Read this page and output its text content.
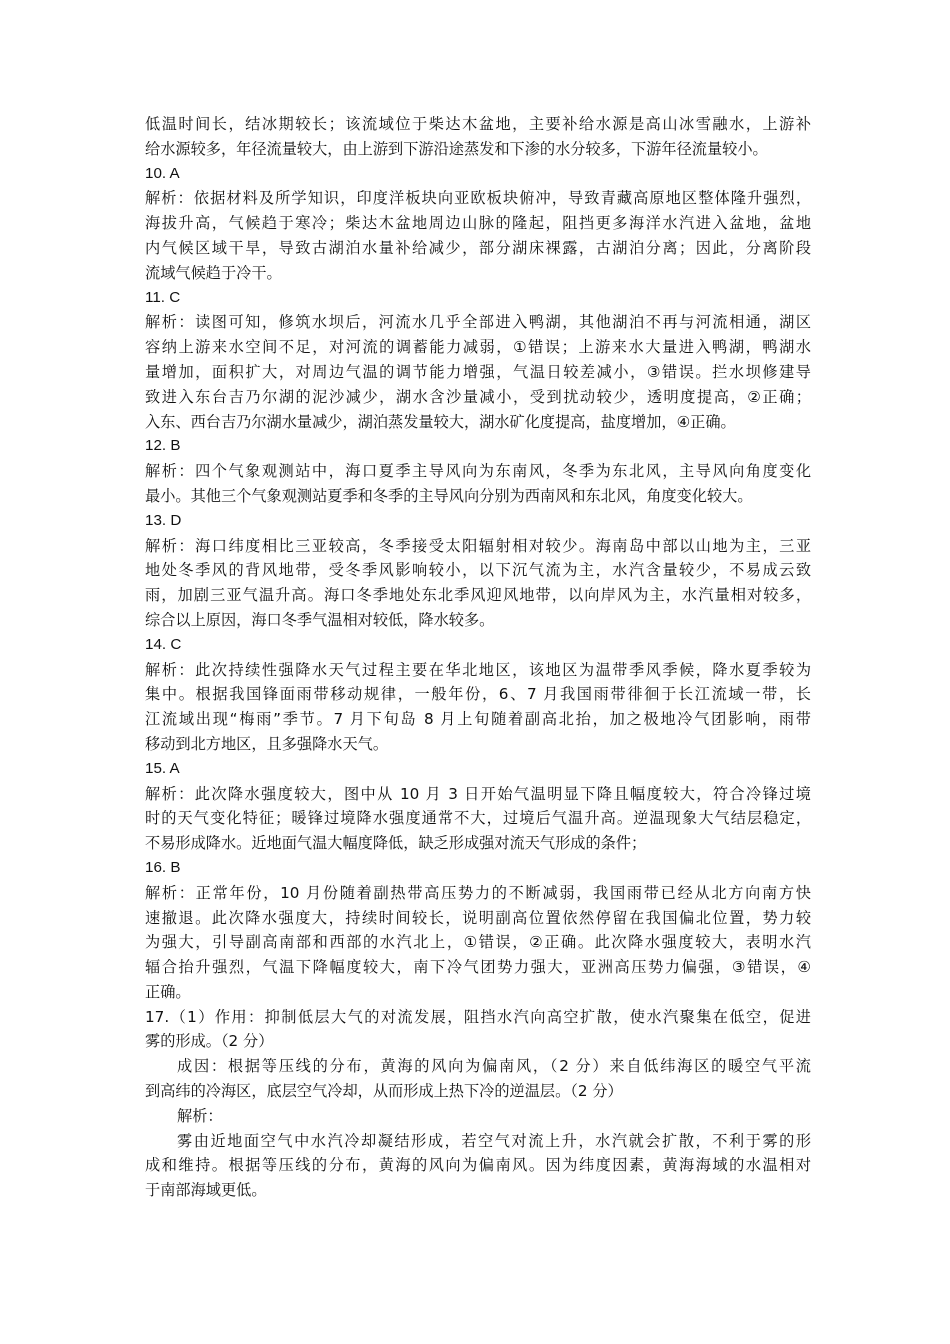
低温时间长，结冰期较长；该流域位于柴达木盆地，主要补给水源是高山冰雪融水，上游补
给水源较多，年径流量较大，由上游到下游沿途蒸发和下渗的水分较多，下游年径流量较小。
10. A
解析：依据材料及所学知识，印度洋板块向亚欧板块俯冲，导致青藏高原地区整体隆升强烈，
海拔升高，气候趋于寒冷；柴达木盆地周边山脉的隆起，阻挡更多海洋水汽进入盆地，盆地
内气候区域干旱，导致古湖泊水量补给减少，部分湖床裸露，古湖泊分离；因此，分离阶段
流域气候趋于冷干。
11. C
解析：读图可知，修筑水坝后，河流水几乎全部进入鸭湖，其他湖泊不再与河流相通，湖区
容纳上游来水空间不足，对河流的调蓄能力减弱，①错误；上游来水大量进入鸭湖，鸭湖水
量增加，面积扩大，对周边气温的调节能力增强，气温日较差减小，③错误。拦水坝修建导
致进入东台吉乃尔湖的泥沙减少，湖水含沙量减小，受到扰动较少，透明度提高，②正确；
入东、西台吉乃尔湖水量减少，湖泊蒸发量较大，湖水矿化度提高，盐度增加，④正确。
12. B
解析：四个气象观测站中，海口夏季主导风向为东南风，冬季为东北风，主导风向角度变化
最小。其他三个气象观测站夏季和冬季的主导风向分别为西南风和东北风，角度变化较大。
13. D
解析：海口纬度相比三亚较高，冬季接受太阳辐射相对较少。海南岛中部以山地为主，三亚
地处冬季风的背风地带，受冬季风影响较小，以下沉气流为主，水汽含量较少，不易成云致
雨，加剧三亚气温升高。海口冬季地处东北季风迎风地带，以向岸风为主，水汽量相对较多，
综合以上原因，海口冬季气温相对较低，降水较多。
14. C
解析：此次持续性强降水天气过程主要在华北地区，该地区为温带季风季候，降水夏季较为
集中。根据我国锋面雨带移动规律，一般年份，6、7 月我国雨带徘徊于长江流域一带，长
江流域出现“梅雨”季节。7 月下旬岛 8 月上旬随着副高北抬，加之极地冷气团影响，雨带
移动到北方地区，且多强降水天气。
15. A
解析：此次降水强度较大，图中从 10 月 3 日开始气温明显下降且幅度较大，符合冷锋过境
时的天气变化特征；暖锋过境降水强度通常不大，过境后气温升高。逆温现象大气结层稳定，
不易形成降水。近地面气温大幅度降低，缺乏形成强对流天气形成的条件；
16. B
解析：正常年份，10 月份随着副热带高压势力的不断减弱，我国雨带已经从北方向南方快
速撤退。此次降水强度大，持续时间较长，说明副高位置依然停留在我国偏北位置，势力较
为强大，引导副高南部和西部的水汽北上，①错误，②正确。此次降水强度较大，表明水汽
辐合抬升强烈，气温下降幅度较大，南下冷气团势力强大，亚洲高压势力偏强，③错误，④
正确。
17.（1）作用：抑制低层大气的对流发展，阻挡水汽向高空扩散，使水汽聚集在低空，促进
雾的形成。（2 分）
成因：根据等压线的分布，黄海的风向为偏南风，（2 分）来自低纬海区的暖空气平流
到高纬的冷海区，底层空气冷却，从而形成上热下冷的逆温层。（2 分）
解析：
雾由近地面空气中水汽冷却凝结形成，若空气对流上升，水汽就会扩散，不利于雾的形
成和维持。根据等压线的分布，黄海的风向为偏南风。因为纬度因素，黄海海域的水温相对
于南部海域更低。
